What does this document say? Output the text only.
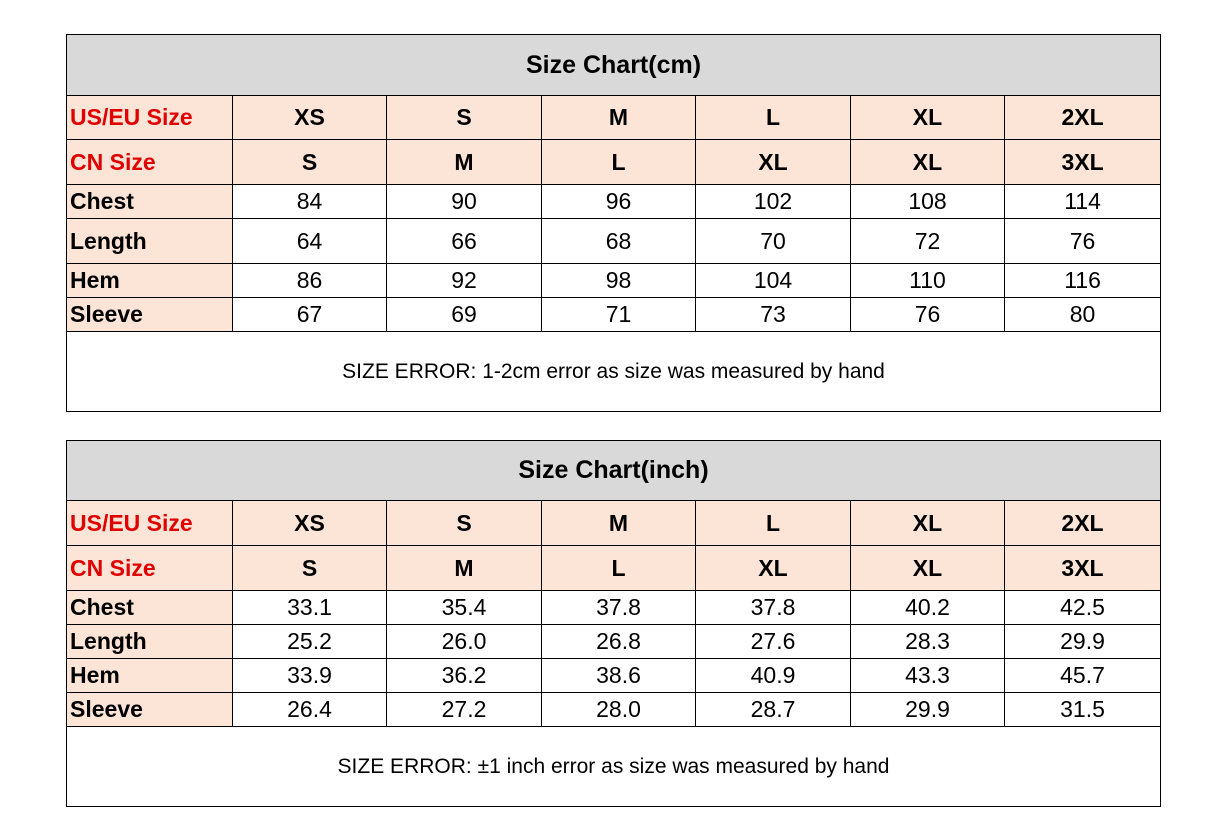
Size Chart(cm)						
US/EU Size	XS	S	M	L	XL	2XL
CN Size	S	M	L	XL	XL	3XL
Chest	84	90	96	102	108	114
Length	64	66	68	70	72	76
Hem	86	92	98	104	110	116
Sleeve	67	69	71	73	76	80
SIZE ERROR: 1-2cm error as size was measured by hand						
Size Chart(inch)						
US/EU Size	XS	S	M	L	XL	2XL
CN Size	S	M	L	XL	XL	3XL
Chest	33.1	35.4	37.8	37.8	40.2	42.5
Length	25.2	26.0	26.8	27.6	28.3	29.9
Hem	33.9	36.2	38.6	40.9	43.3	45.7
Sleeve	26.4	27.2	28.0	28.7	29.9	31.5
SIZE ERROR: ±1 inch error as size was measured by hand						
